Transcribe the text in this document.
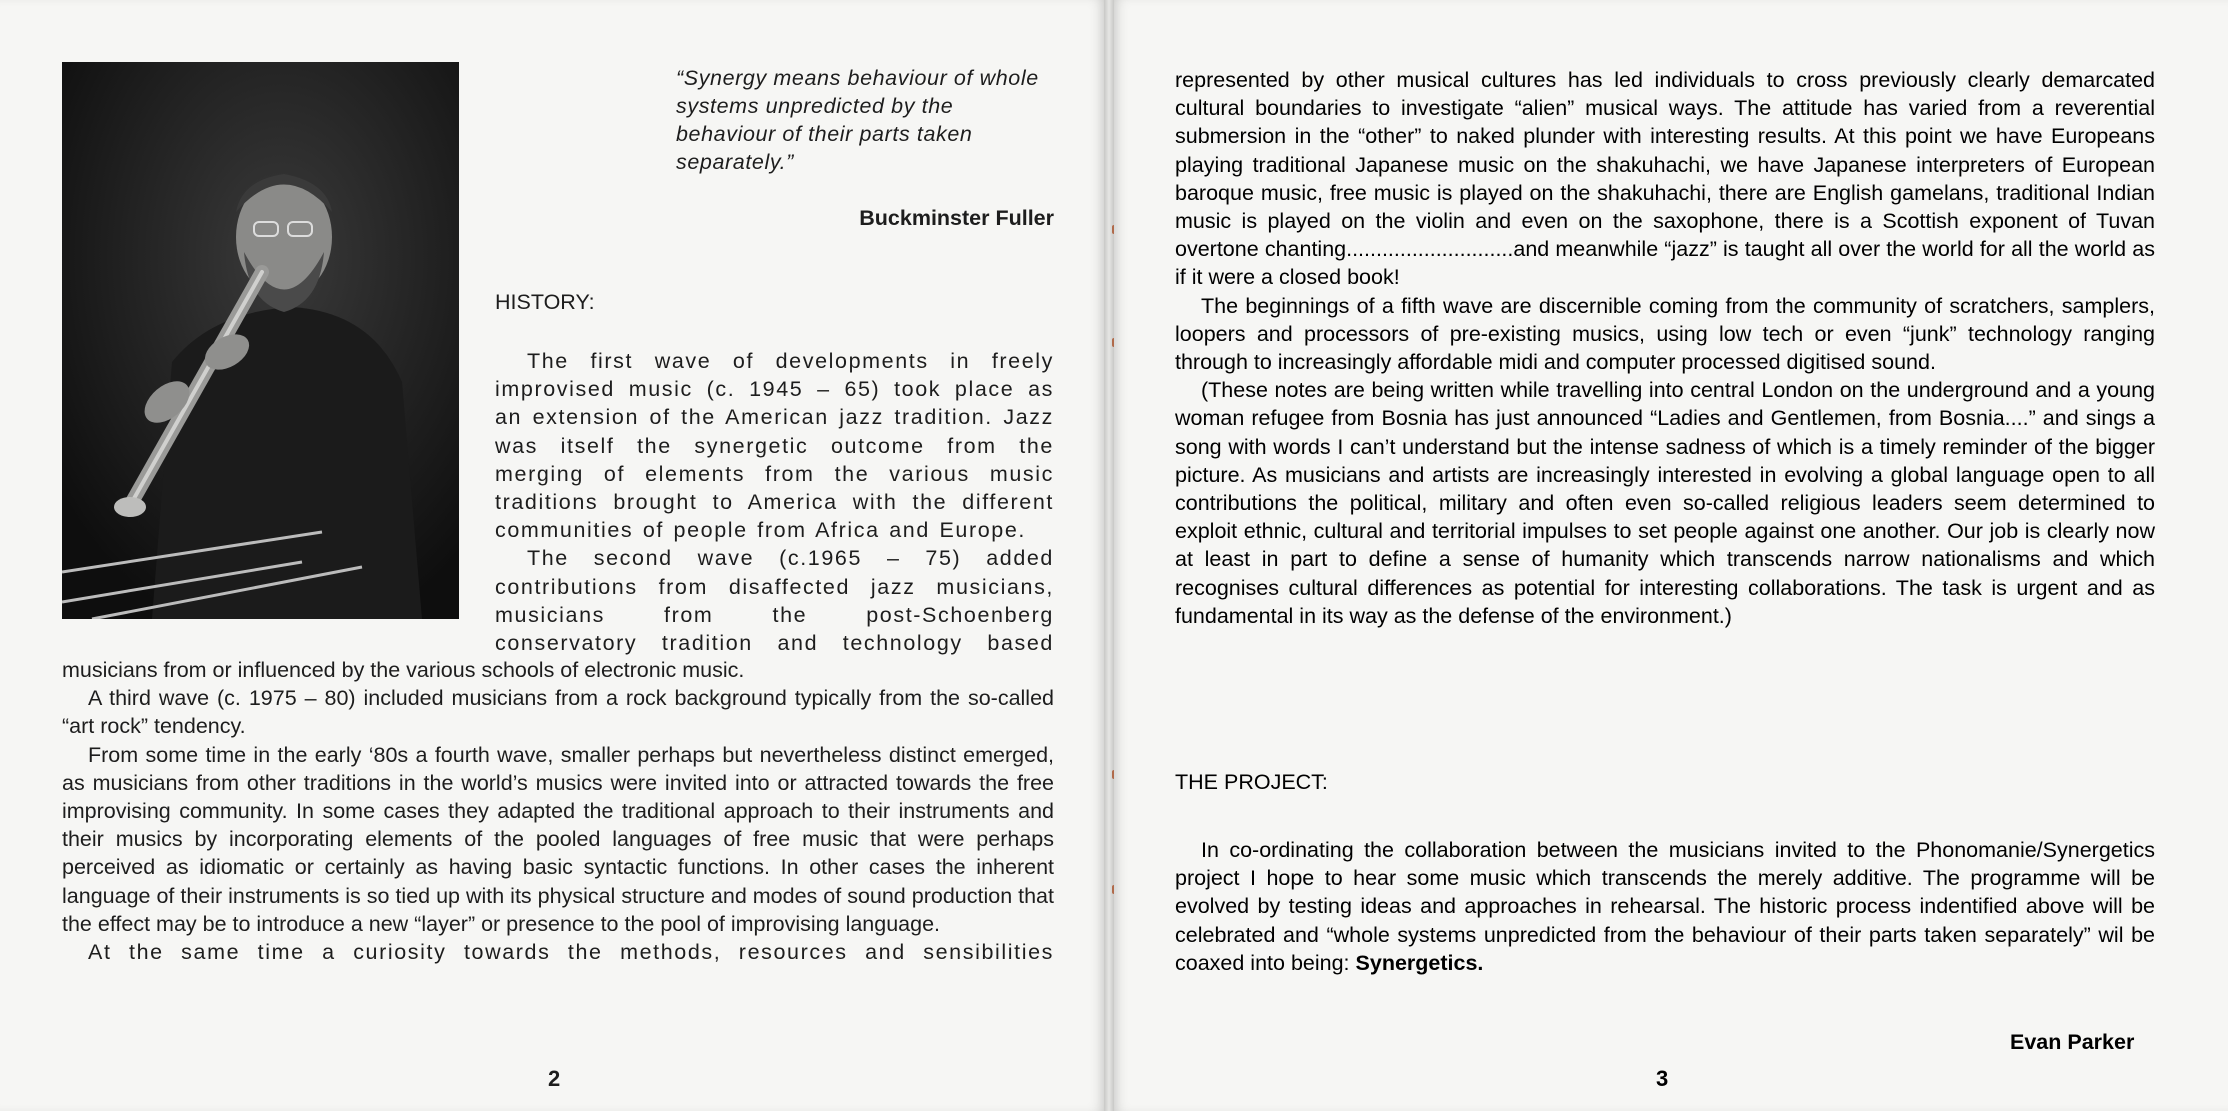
“Synergy means behaviour of whole systems unpredicted by the behaviour of their parts taken separately.”
Buckminster Fuller
HISTORY:

The first wave of developments in freely improvised music (c. 1945 – 65) took place as an extension of the American jazz tradition. Jazz was itself the synergetic outcome from the merging of elements from the various music traditions brought to America with the different communities of people from Africa and Europe.

The second wave (c.1965 – 75) added contributions from disaffected jazz musicians, musicians from the post-Schoenberg conservatory tradition and technology based

musicians from or influenced by the various schools of electronic music.

A third wave (c. 1975 – 80) included musicians from a rock background typically from the so-called “art rock” tendency.

From some time in the early ‘80s a fourth wave, smaller perhaps but nevertheless distinct emerged, as musicians from other traditions in the world’s musics were invited into or attracted towards the free improvising community. In some cases they adapted the traditional approach to their instruments and their musics by incorporating elements of the pooled languages of free music that were perhaps perceived as idiomatic or certainly as having basic syntactic functions. In other cases the inherent language of their instruments is so tied up with its physical structure and modes of sound production that the effect may be to introduce a new “layer” or presence to the pool of improvising language.

At the same time a curiosity towards the methods, resources and sensibilities

2

represented by other musical cultures has led individuals to cross previously clearly demarcated cultural boundaries to investigate “alien” musical ways. The attitude has varied from a reverential submersion in the “other” to naked plunder with interesting results. At this point we have Europeans playing traditional Japanese music on the shakuhachi, we have Japanese interpreters of European baroque music, free music is played on the shakuhachi, there are English gamelans, traditional Indian music is played on the violin and even on the saxophone, there is a Scottish exponent of Tuvan overtone chanting............................and meanwhile “jazz” is taught all over the world for all the world as if it were a closed book!

The beginnings of a fifth wave are discernible coming from the community of scratchers, samplers, loopers and processors of pre-existing musics, using low tech or even “junk” technology ranging through to increasingly affordable midi and computer processed digitised sound.

(These notes are being written while travelling into central London on the underground and a young woman refugee from Bosnia has just announced “Ladies and Gentlemen, from Bosnia....” and sings a song with words I can’t understand but the intense sadness of which is a timely reminder of the bigger picture. As musicians and artists are increasingly interested in evolving a global language open to all contributions the political, military and often even so-called religious leaders seem determined to exploit ethnic, cultural and territorial impulses to set people against one another. Our job is clearly now at least in part to define a sense of humanity which transcends narrow nationalisms and which recognises cultural differences as potential for interesting collaborations. The task is urgent and as fundamental in its way as the defense of the environment.)

THE PROJECT:

In co-ordinating the collaboration between the musicians invited to the Phonomanie/Synergetics project I hope to hear some music which transcends the merely additive. The programme will be evolved by testing ideas and approaches in rehearsal. The historic process indentified above will be celebrated and “whole systems unpredicted from the behaviour of their parts taken separately” wil be coaxed into being: Synergetics.

Evan Parker
3
